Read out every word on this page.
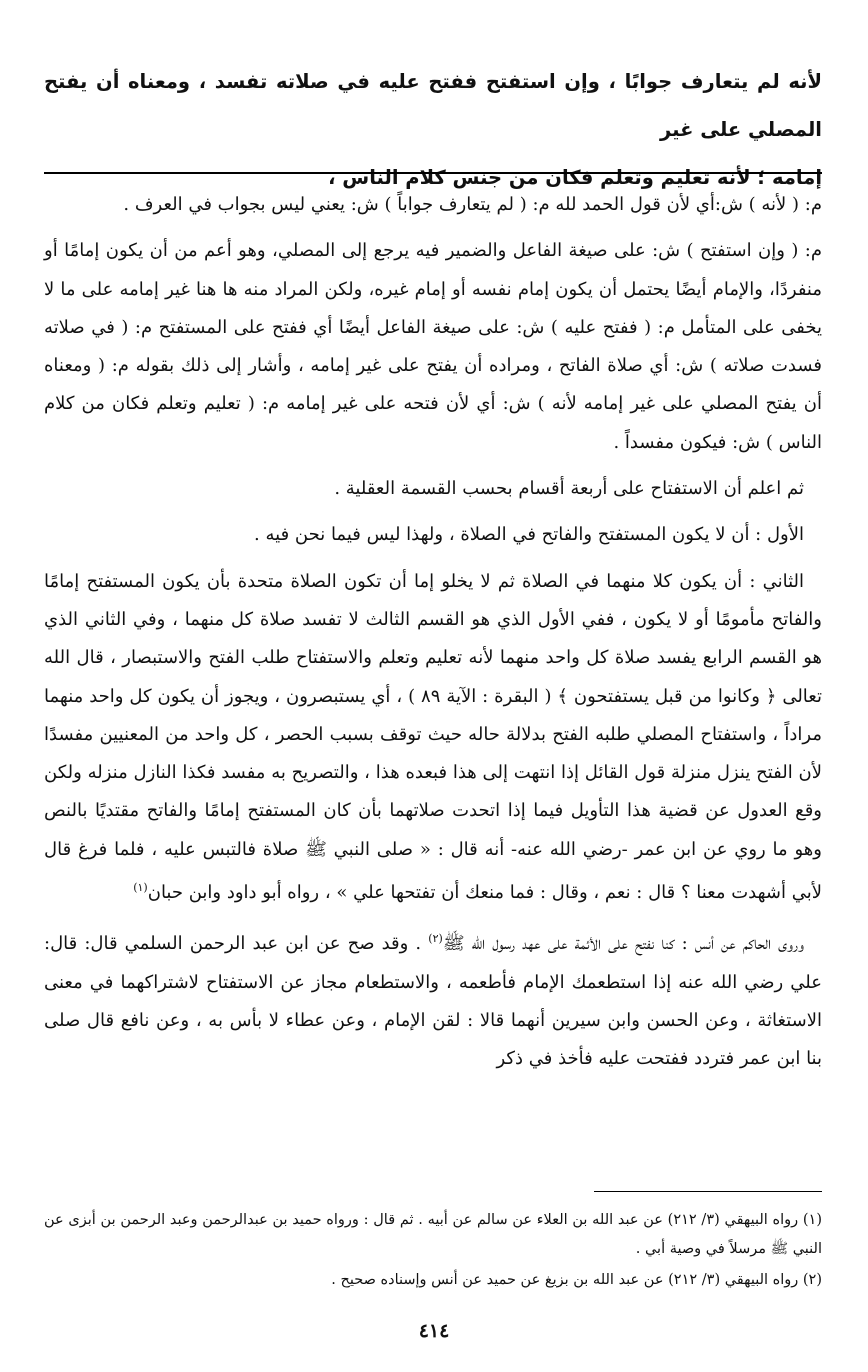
لأنه لم يتعارف جوابًا ، وإن استفتح ففتح عليه في صلاته تفسد ، ومعناه أن يفتح المصلي على غير

إمامه ؛ لأنه تعليم وتعلم فكان من جنس كلام الناس ،

م: ( لأنه ) ش:أي لأن قول الحمد لله م: ( لم يتعارف جواباً ) ش: يعني ليس بجواب في العرف .

م: ( وإن استفتح ) ش: على صيغة الفاعل والضمير فيه يرجع إلى المصلي، وهو أعم من أن يكون إمامًا أو منفردًا، والإمام أيضًا يحتمل أن يكون إمام نفسه أو إمام غيره، ولكن المراد منه ها هنا غير إمامه على ما لا يخفى على المتأمل م: ( ففتح عليه ) ش: على صيغة الفاعل أيضًا أي ففتح على المستفتح م: ( في صلاته فسدت صلاته ) ش: أي صلاة الفاتح ، ومراده أن يفتح على غير إمامه ، وأشار إلى ذلك بقوله م: ( ومعناه أن يفتح المصلي على غير إمامه لأنه ) ش: أي لأن فتحه على غير إمامه م: ( تعليم وتعلم فكان من كلام الناس ) ش: فيكون مفسداً .

ثم اعلم أن الاستفتاح على أربعة أقسام بحسب القسمة العقلية .

الأول : أن لا يكون المستفتح والفاتح في الصلاة ، ولهذا ليس فيما نحن فيه .

الثاني : أن يكون كلا منهما في الصلاة ثم لا يخلو إما أن تكون الصلاة متحدة بأن يكون المستفتح إمامًا والفاتح مأمومًا أو لا يكون ، ففي الأول الذي هو القسم الثالث لا تفسد صلاة كل منهما ، وفي الثاني الذي هو القسم الرابع يفسد صلاة كل واحد منهما لأنه تعليم وتعلم والاستفتاح طلب الفتح والاستبصار ، قال الله تعالى ﴿ وكانوا من قبل يستفتحون ﴾ ( البقرة : الآية ٨٩ ) ، أي يستبصرون ، ويجوز أن يكون كل واحد منهما مراداً ، واستفتاح المصلي طلبه الفتح بدلالة حاله حيث توقف بسبب الحصر ، كل واحد من المعنيين مفسدًا لأن الفتح ينزل منزلة قول القائل إذا انتهت إلى هذا فبعده هذا ، والتصريح به مفسد فكذا النازل منزله ولكن وقع العدول عن قضية هذا التأويل فيما إذا اتحدت صلاتهما بأن كان المستفتح إمامًا والفاتح مقتديًا بالنص وهو ما روي عن ابن عمر -رضي الله عنه- أنه قال : « صلى النبي ﷺ صلاة فالتبس عليه ، فلما فرغ قال لأبي أشهدت معنا ؟ قال : نعم ، وقال : فما منعك أن تفتحها علي » ، رواه أبو داود وابن حبان$^{(١)}$

وروى الحاكم عن أنس : كنا نفتح على الأئمة على عهد رسول الله ﷺ$^{(٢)}$ . وقد صح عن ابن عبد الرحمن السلمي قال: قال: علي رضي الله عنه إذا استطعمك الإمام فأطعمه ، والاستطعام مجاز عن الاستفتاح لاشتراكهما في معنى الاستغاثة ، وعن الحسن وابن سيرين أنهما قالا : لقن الإمام ، وعن عطاء لا بأس به ، وعن نافع قال صلى بنا ابن عمر فتردد ففتحت عليه فأخذ في ذكر

(١) رواه البيهقي (٣/ ٢١٢) عن عبد الله بن العلاء عن سالم عن أبيه . ثم قال : ورواه حميد بن عبدالرحمن وعبد الرحمن بن أبزى عن النبي ﷺ مرسلاً في وصية أبي .

(٢) رواه البيهقي (٣/ ٢١٢) عن عبد الله بن بزيغ عن حميد عن أنس وإسناده صحيح .

٤١٤
